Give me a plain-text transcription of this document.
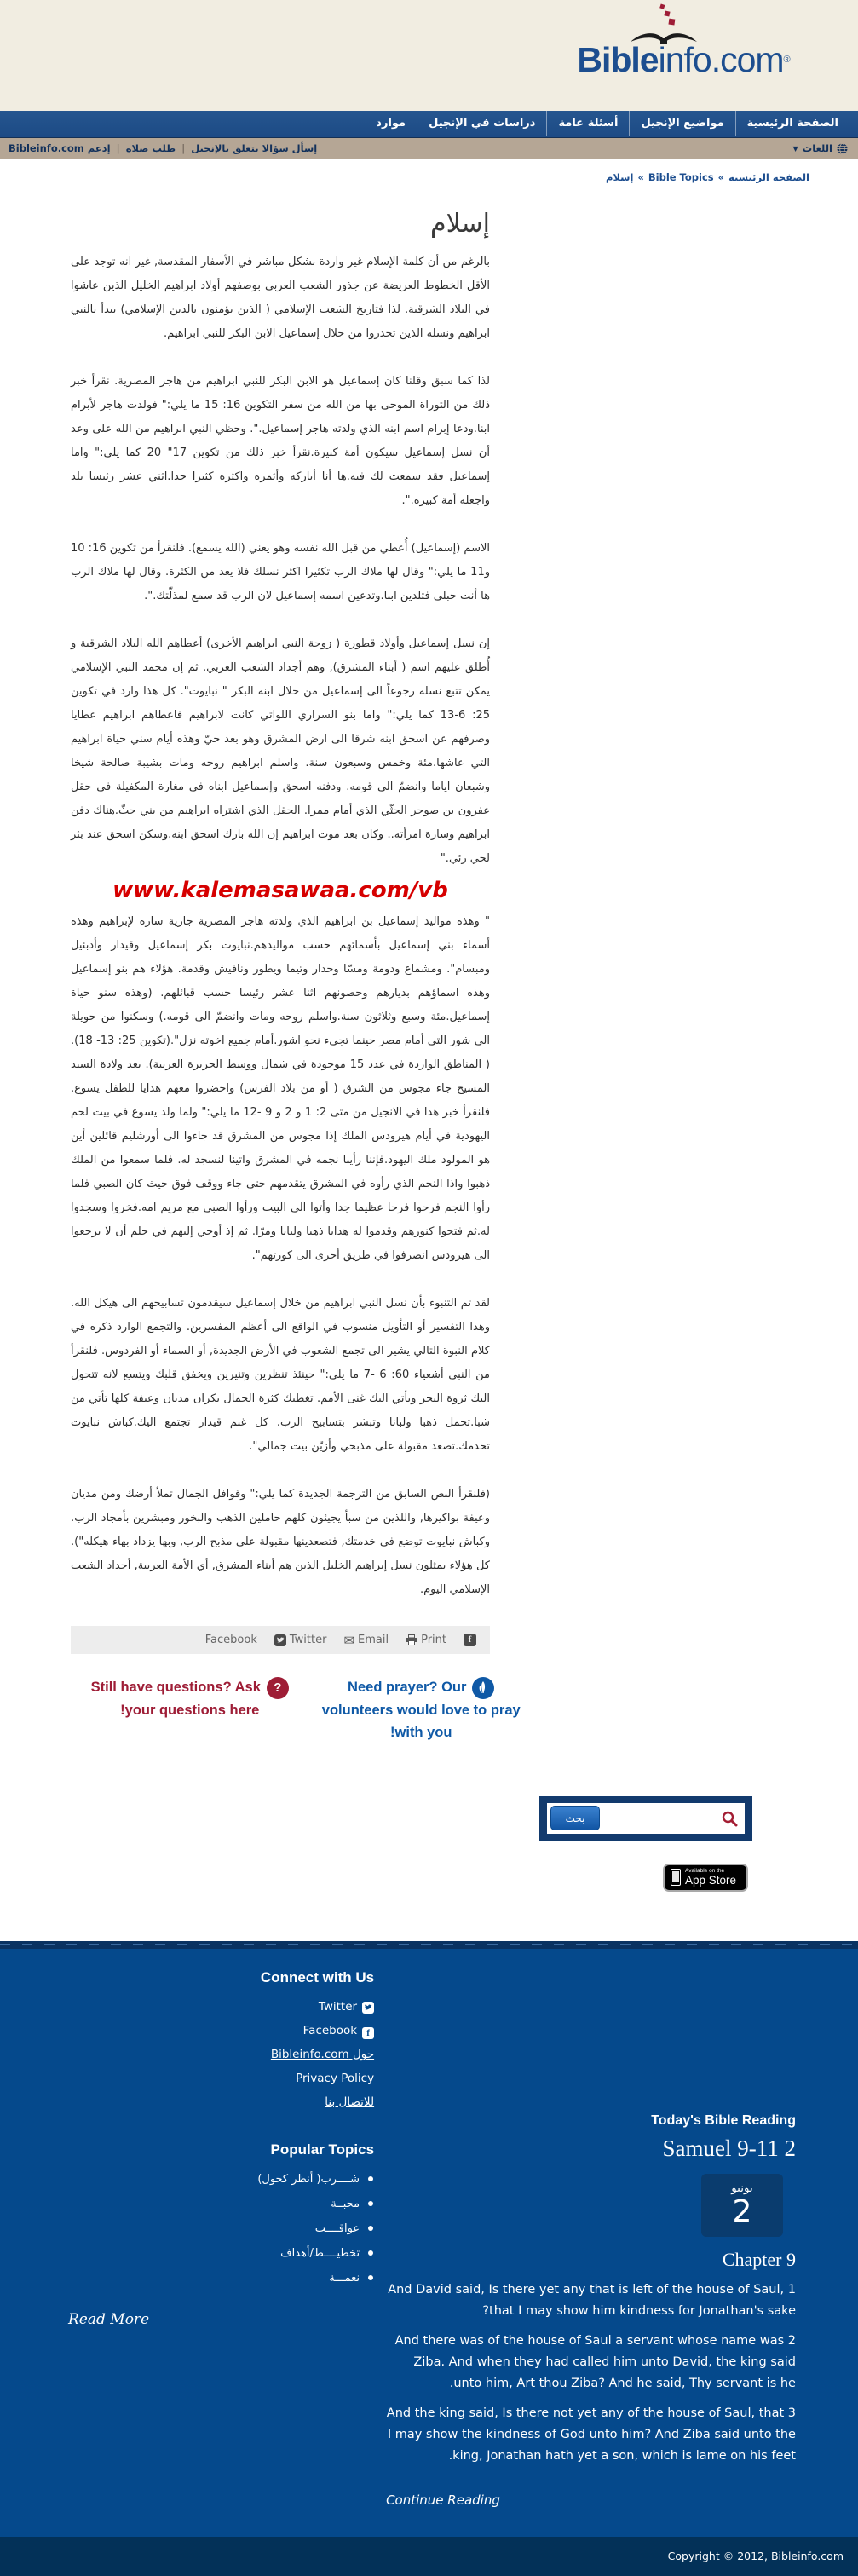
Bibleinfo.com®
الصفحة الرئيسية
مواضيع الإنجيل
أسئلة عامة
دراسات في الإنجيل
موارد
إسأل سؤالا يتعلق بالإنجيل|طلب صلاة|إدعم Bibleinfo.com	اللغات
▼
الصفحة الرئيسية»Bible Topics»إسلام
إسلام

بالرغم من أن كلمة الإسلام غير واردة بشكل مباشر في الأسفار المقدسة, غير انه توجد على الأقل الخطوط العريضة عن جذور الشعب العربي بوصفهم أولاد ابراهيم الخليل الذين عاشوا في البلاد الشرقية. لذا فتاريخ الشعب الإسلامي ( الذين يؤمنون بالدين الإسلامي) يبدأ بالنبي ابراهيم ونسله الذين تحدروا من خلال إسماعيل الابن البكر للنبي ابراهيم.

لذا كما سبق وقلنا كان إسماعيل هو الابن البكر للنبي ابراهيم من هاجر المصرية. نقرأ خبر ذلك من التوراة الموحى بها من الله من سفر التكوين 16: 15 ما يلي:" فولدت هاجر لأبرام ابنا.ودعا إبرام اسم ابنه الذي ولدته هاجر إسماعيل.". وحظي النبي ابراهيم من الله على وعد أن نسل إسماعيل سيكون أمة كبيرة.نقرأ خبر ذلك من تكوين 17" 20 كما يلي:" واما إسماعيل فقد سمعت لك فيه.ها أنا أباركه وأثمره واكثره كثيرا جدا.اثني عشر رئيسا يلد واجعله أمة كبيرة.".

الاسم (إسماعيل) أُعطي من قبل الله نفسه وهو يعني (الله يسمع). فلنقرأ من تكوين 16: 10 و11 ما يلي:" وقال لها ملاك الرب تكثيرا اكثر نسلك فلا يعد من الكثرة. وقال لها ملاك الرب ها أنت حبلى فتلدين ابنا.وتدعين اسمه إسماعيل لان الرب قد سمع لمذلّتك.".

إن نسل إسماعيل وأولاد قطورة ( زوجة النبي ابراهيم الأخرى) أعطاهم الله البلاد الشرقية و أُطلق عليهم اسم ( أبناء المشرق), وهم أجداد الشعب العربي. ثم إن محمد النبي الإسلامي يمكن تتبع نسله رجوعاً الى إسماعيل من خلال ابنه البكر " نبايوت". كل هذا وارد في تكوين 25: 6-13 كما يلي:" واما بنو السراري اللواتي كانت لابراهيم فاعطاهم ابراهيم عطايا وصرفهم عن اسحق ابنه شرقا الى ارض المشرق وهو بعد حيّ وهذه أيام سني حياة ابراهيم التي عاشها.مئة وخمس وسبعون سنة. واسلم ابراهيم روحه ومات بشيبة صالحة شيخا وشبعان اياما وانضمّ الى قومه. ودفنه اسحق وإسماعيل ابناه في مغارة المكفيلة في حقل عفرون بن صوحر الحثّي الذي أمام ممرا. الحقل الذي اشتراه ابراهيم من بني حثّ.هناك دفن ابراهيم وسارة امرأته.. وكان بعد موت ابراهيم إن الله بارك اسحق ابنه.وسكن اسحق عند بئر لحي رئي."

www.kalemasawaa.com/vb

" وهذه مواليد إسماعيل بن ابراهيم الذي ولدته هاجر المصرية جارية سارة لإبراهيم وهذه أسماء بني إسماعيل بأسمائهم حسب مواليدهم.نبايوت بكر إسماعيل وقيدار وأدبئيل ومبسام". ومشماع ودومة ومسّا وحدار وتيما ويطور ونافيش وقدمة. هؤلاء هم بنو إسماعيل وهذه اسماؤهم بديارهم وحصونهم اثنا عشر رئيسا حسب قبائلهم. (وهذه سنو حياة إسماعيل.مئة وسبع وثلاثون سنة.واسلم روحه ومات وانضمّ الى قومه.) وسكنوا من حويلة الى شور التي أمام مصر حينما تجيء نحو اشور.أمام جميع اخوته نزل".(تكوين 25: 13- 18). ( المناطق الواردة في عدد 15 موجودة في شمال ووسط الجزيرة العربية). بعد ولادة السيد المسيح جاء مجوس من الشرق ( أو من بلاد الفرس) واحضروا معهم هدايا للطفل يسوع. فلنقرأ خبر هذا في الانجيل من متى 2: 1 و 2 و 9 -12 ما يلي:" ولما ولد يسوع في بيت لحم اليهودية في أيام هيرودس الملك إذا مجوس من المشرق قد جاءوا الى أورشليم قائلين أين هو المولود ملك اليهود.فإننا رأينا نجمه في المشرق واتينا لنسجد له. فلما سمعوا من الملك ذهبوا واذا النجم الذي رأوه في المشرق يتقدمهم حتى جاء ووقف فوق حيث كان الصبي فلما رأوا النجم فرحوا فرحا عظيما جدا وأتوا الى البيت ورأوا الصبي مع مريم امه.فخروا وسجدوا له.ثم فتحوا كنوزهم وقدموا له هدايا ذهبا ولبانا ومرّا. ثم إذ أوحي إليهم في حلم أن لا يرجعوا الى هيرودس انصرفوا في طريق أخرى الى كورتهم".

لقد تم التنبوء بأن نسل النبي ابراهيم من خلال إسماعيل سيقدمون تسابيحهم الى هيكل الله. وهذا التفسير أو التأويل منسوب في الواقع الى أعظم المفسرين. والتجمع الوارد ذكره في كلام النبوة التالي يشير الى تجمع الشعوب في الأرض الجديدة, أو السماء أو الفردوس. فلنقرأ من النبي أشعياء 60: 6 -7 ما يلي:" حينئذ تنظرين وتنيرين ويخفق قلبك ويتسع لانه تتحول اليك ثروة البحر ويأتي اليك غنى الأمم. تغطيك كثرة الجمال بكران مديان وعيفة كلها تأتي من شبا.تحمل ذهبا ولبانا وتبشر بتسابيح الرب. كل غنم قيدار تجتمع اليك.كباش نبايوت تخدمك.تصعد مقبولة على مذبحي وأزيّن بيت جمالي".

(فلنقرأ النص السابق من الترجمة الجديدة كما يلي:" وقوافل الجمال تملأ أرضك ومن مديان وعيفة بواكيرها, واللذين من سبأ يجيئون كلهم حاملين الذهب والبخور ومبشرين بأمجاد الرب. وكباش نبايوت توضع في خدمتك, فتصعدينها مقبولة على مذبح الرب, وبها يزداد بهاء هيكله"). كل هؤلاء يمثلون نسل إبراهيم الخليل الذين هم أبناء المشرق, أي الأمة العربية, أجداد الشعب الإسلامي اليوم.

Facebook	Twitter ✉ Email	Print	f
?Still have questions? Ask your questions here!
Need prayer? Our volunteers would love to pray with you!
بحث
Available on the
App Store
Connect with Us
Twitter
fFacebook
حول Bibleinfo.com
Privacy Policy
للاتصال بنا
Popular Topics
شــــرب( أنظر كحول)
محبــة
عواقــــب
تخطيــــط/أهداف
نعمـــة
Read More
Today's Bible Reading
2 Samuel 9-11
يونيو
2
Chapter 9

1 And David said, Is there yet any that is left of the house of Saul, that I may show him kindness for Jonathan's sake?

2 And there was of the house of Saul a servant whose name was Ziba. And when they had called him unto David, the king said unto him, Art thou Ziba? And he said, Thy servant is he.

3 And the king said, Is there not yet any of the house of Saul, that I may show the kindness of God unto him? And Ziba said unto the king, Jonathan hath yet a son, which is lame on his feet.

Continue Reading
Copyright © 2012, Bibleinfo.com
